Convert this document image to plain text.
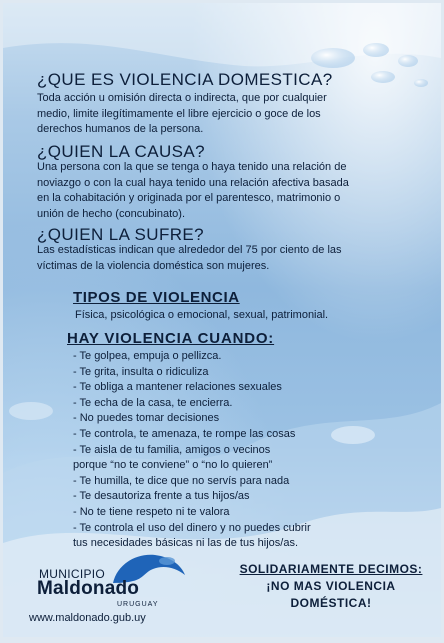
¿QUE ES VIOLENCIA DOMESTICA?

Toda acción u omisión directa o indirecta, que por cualquier
medio, limite ilegítimamente el libre ejercicio o goce de los
derechos humanos de la persona.

¿QUIEN LA CAUSA?

Una persona con la que se tenga o haya tenido una relación de
noviazgo o con la cual haya tenido una relación afectiva basada
en la cohabitación y originada por el parentesco, matrimonio o
unión de hecho (concubinato).

¿QUIEN LA SUFRE?

Las estadísticas indican que alrededor del 75 por ciento de las
víctimas de la violencia doméstica son mujeres.

TIPOS DE VIOLENCIA

Física, psicológica o emocional, sexual, patrimonial.

HAY VIOLENCIA CUANDO:
- Te golpea, empuja o pellizca.
- Te grita, insulta o ridiculiza
- Te obliga a mantener relaciones sexuales
- Te echa de la casa, te encierra.
- No puedes tomar decisiones
- Te controla, te amenaza, te rompe las cosas
- Te aisla de tu familia, amigos o vecinos
porque “no te conviene” o “no lo quieren”
- Te humilla, te dice que no servís para nada
- Te desautoriza frente a tus hijos/as
- No te tiene respeto ni te valora
- Te controla el uso del dinero y no puedes cubrir
tus necesidades básicas ni las de tus hijos/as.

MUNICIPIO

Maldonado

URUGUAY

www.maldonado.gub.uy

SOLIDARIAMENTE DECIMOS:
¡NO MAS VIOLENCIA DOMÉSTICA!
